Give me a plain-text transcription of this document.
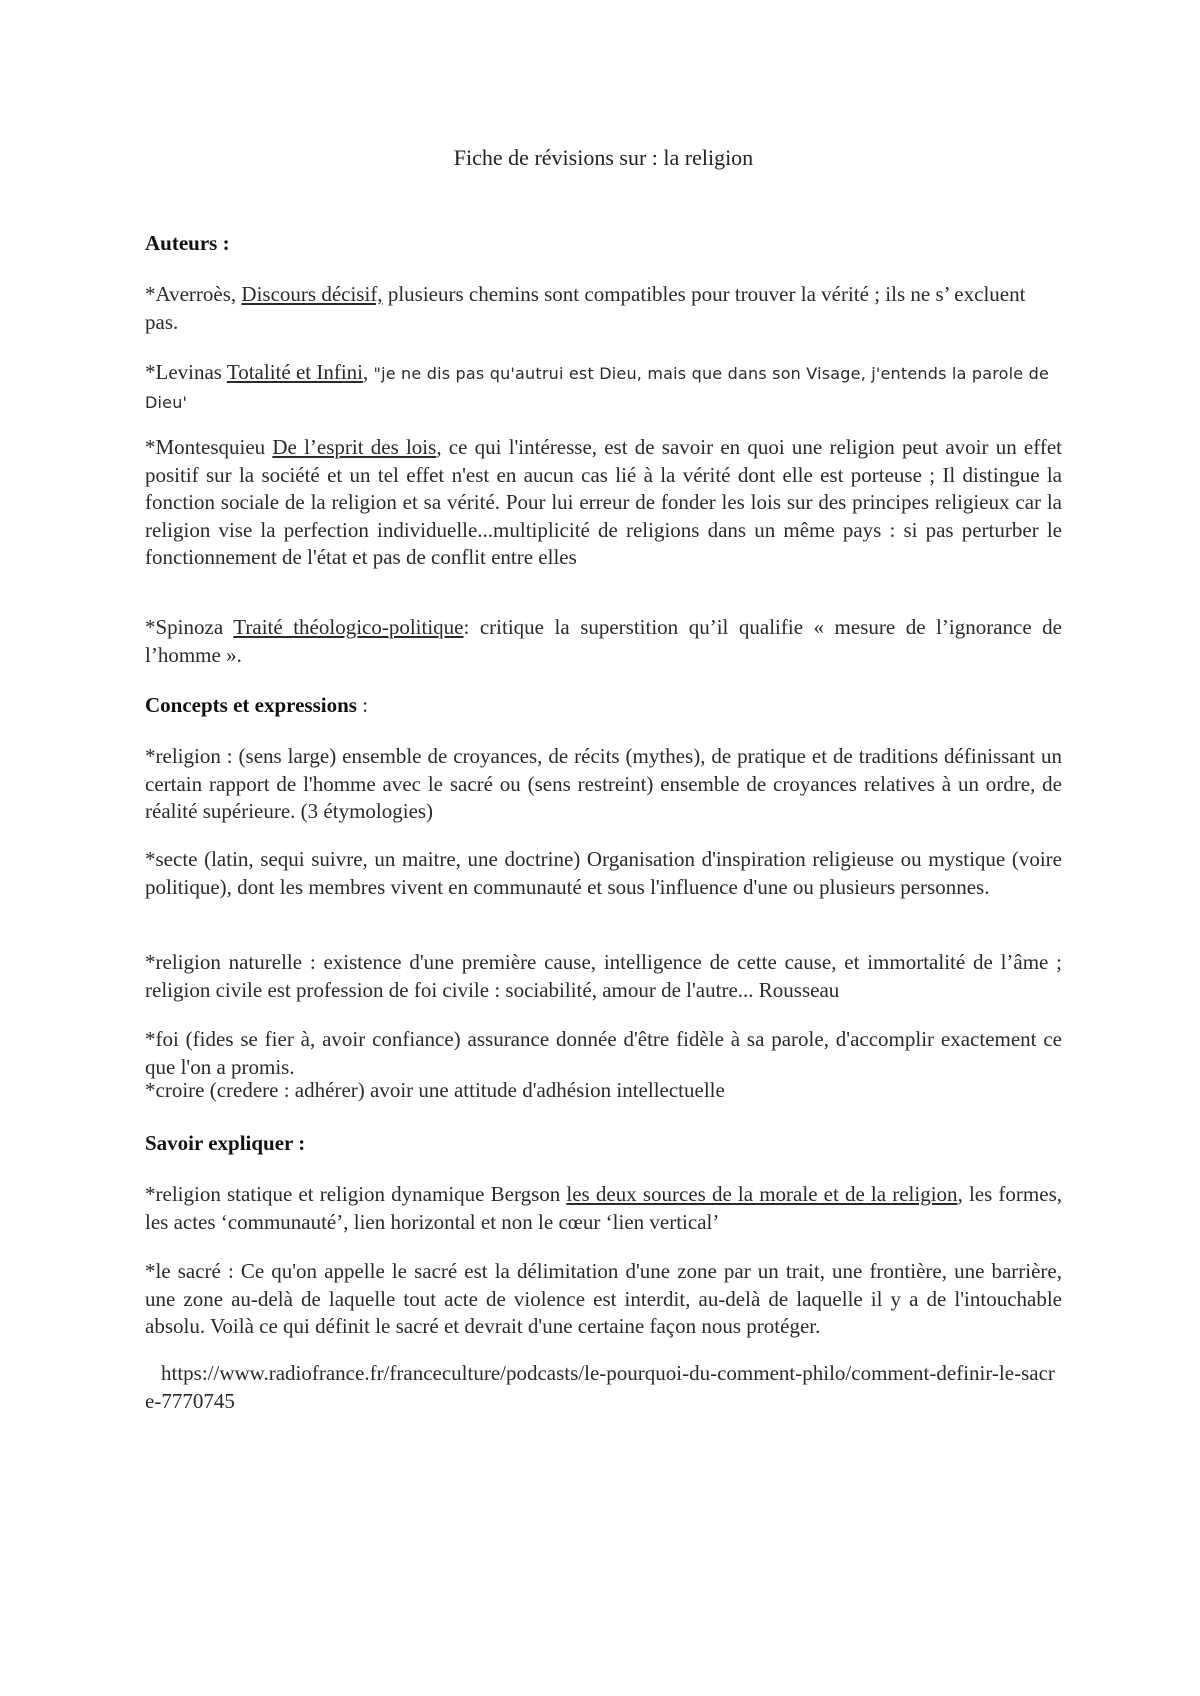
Fiche de révisions sur : la religion
Auteurs :
*Averroès, Discours décisif, plusieurs chemins sont compatibles pour trouver la vérité ; ils ne s’ excluent pas.
*Levinas Totalité et Infini, "je ne dis pas qu'autrui est Dieu, mais que dans son Visage, j'entends la parole de Dieu'
*Montesquieu De l’esprit des lois, ce qui l'intéresse, est de savoir en quoi une religion peut avoir un effet positif sur la société et un tel effet n'est en aucun cas lié à la vérité dont elle est porteuse ; Il distingue la fonction sociale de la religion et sa vérité. Pour lui erreur de fonder les lois sur des principes religieux car la religion vise la perfection individuelle...multiplicité de religions dans un même pays : si pas perturber le fonctionnement de l'état et pas de conflit entre elles
*Spinoza Traité théologico-politique: critique la superstition qu’il qualifie « mesure de l’ignorance de l’homme ».
Concepts et expressions :
*religion : (sens large) ensemble de croyances, de récits (mythes), de pratique et de traditions définissant un certain rapport de l'homme avec le sacré ou (sens restreint) ensemble de croyances relatives à un ordre, de réalité supérieure. (3 étymologies)
*secte (latin, sequi suivre, un maitre, une doctrine) Organisation d'inspiration religieuse ou mystique (voire politique), dont les membres vivent en communauté et sous l'influence d'une ou plusieurs personnes.
*religion naturelle : existence d'une première cause, intelligence de cette cause, et immortalité de l’âme ; religion civile est profession de foi civile : sociabilité, amour de l'autre... Rousseau
*foi (fides se fier à, avoir confiance) assurance donnée d'être fidèle à sa parole, d'accomplir exactement ce que l'on a promis.
*croire (credere : adhérer) avoir une attitude d'adhésion intellectuelle
Savoir expliquer :
*religion statique et religion dynamique Bergson les deux sources de la morale et de la religion, les formes, les actes ‘communauté’, lien horizontal et non le cœur ‘lien vertical’
*le sacré : Ce qu'on appelle le sacré est la délimitation d'une zone par un trait, une frontière, une barrière, une zone au-delà de laquelle tout acte de violence est interdit, au-delà de laquelle il y a de l'intouchable absolu. Voilà ce qui définit le sacré et devrait d'une certaine façon nous protéger.
https://www.radiofrance.fr/franceculture/podcasts/le-pourquoi-du-comment-philo/comment-definir-le-sacre-7770745
